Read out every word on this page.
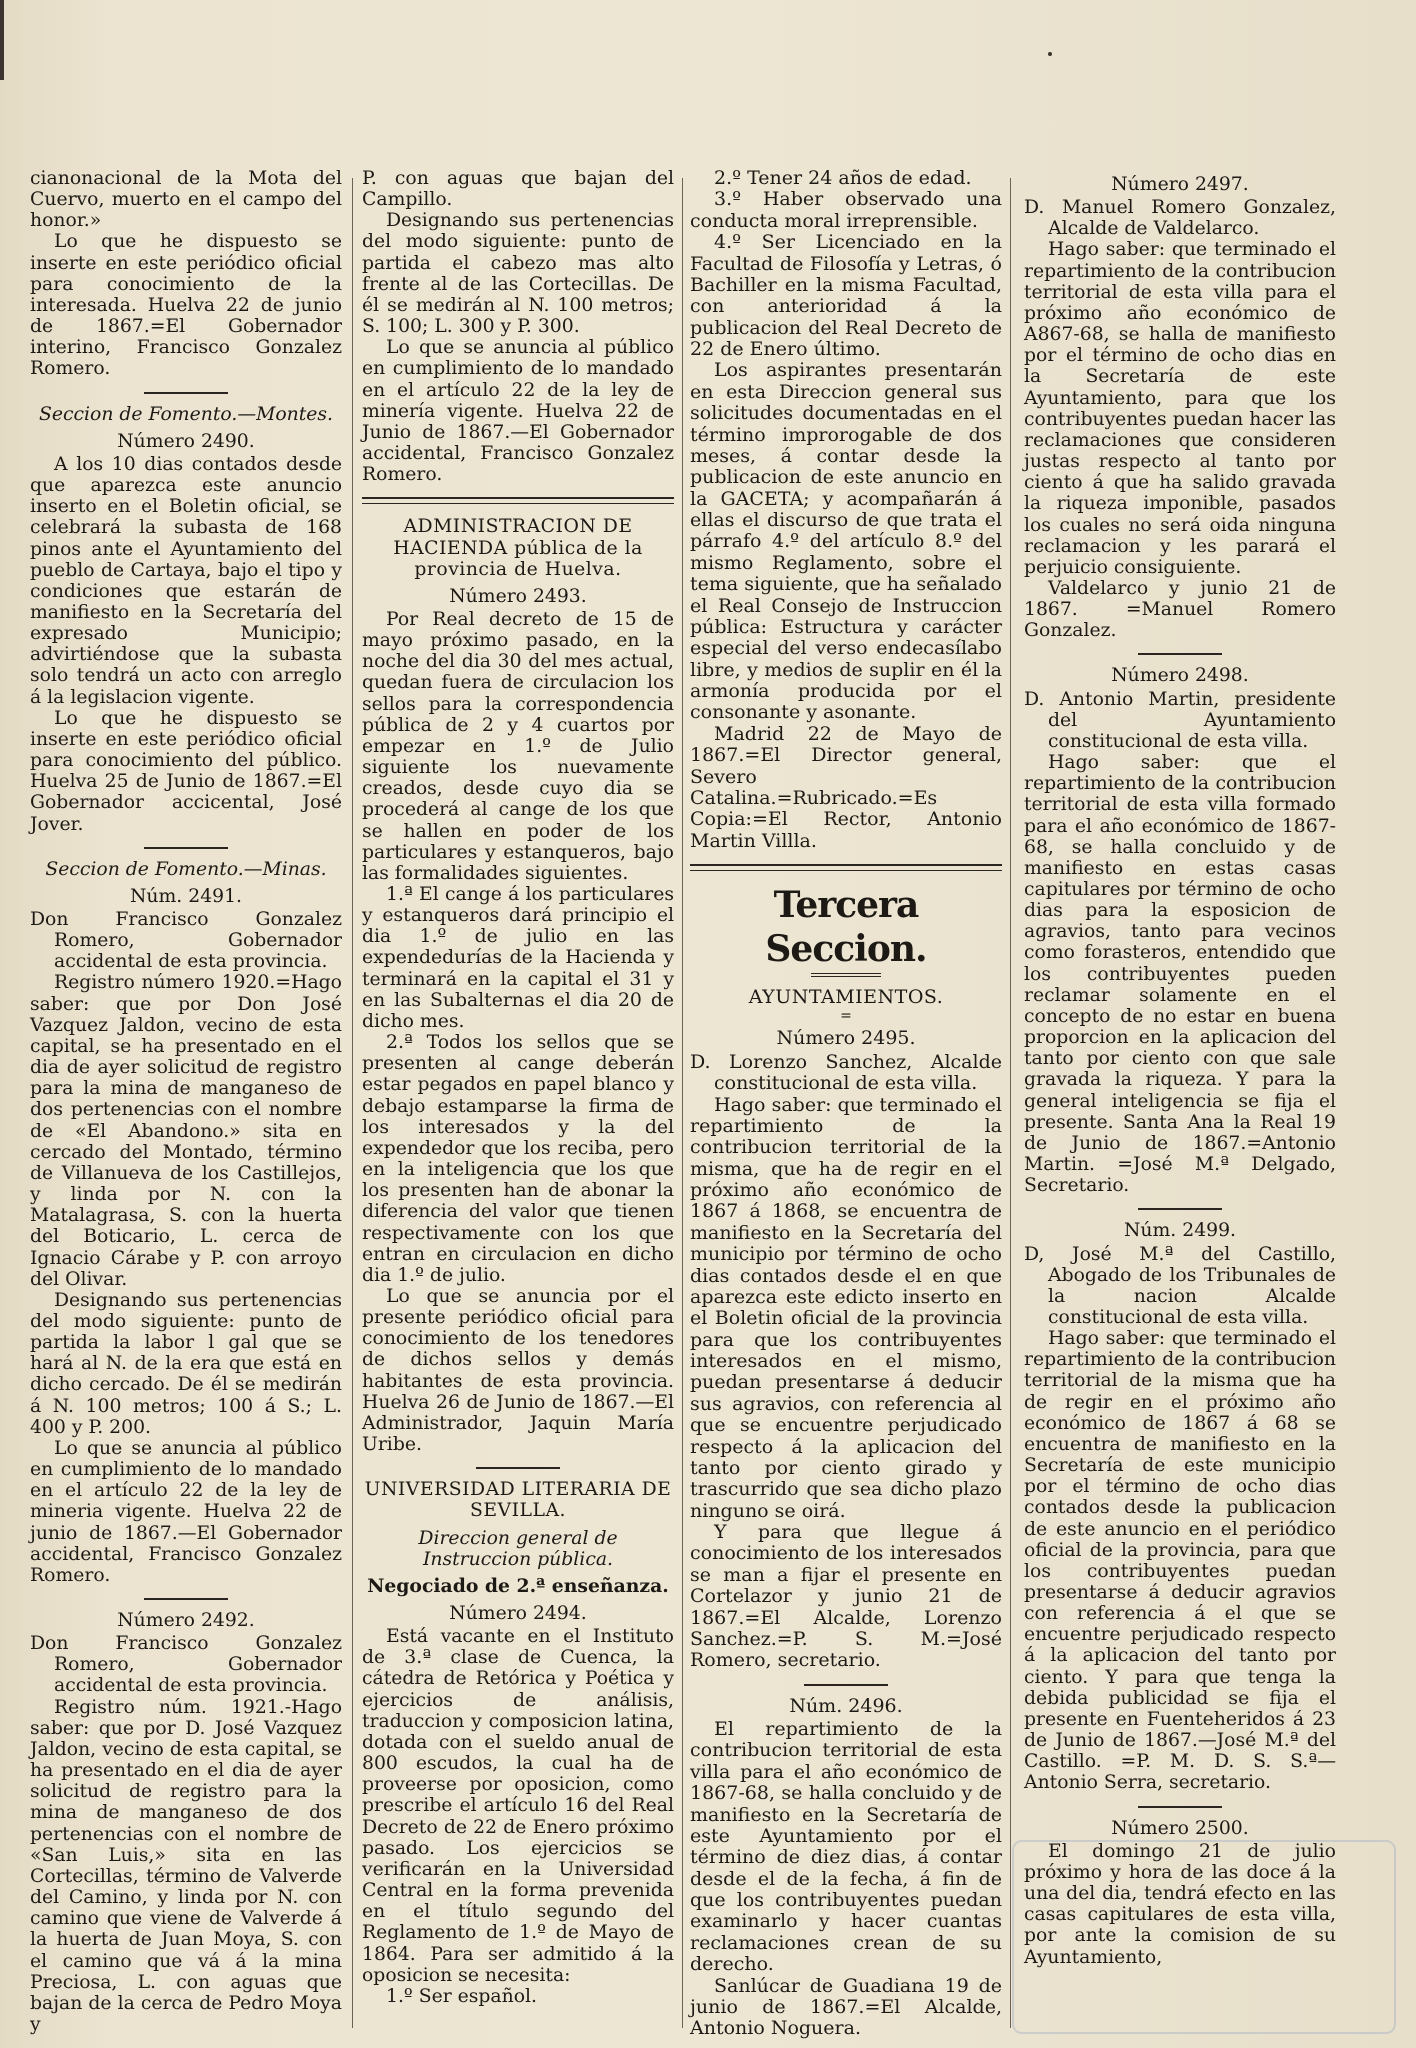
cianonacional de la Mota del Cuervo, muerto en el campo del honor.»

Lo que he dispuesto se inserte en este periódico oficial para conocimiento de la interesada. Huelva 22 de junio de 1867.=El Gobernador interino, Francisco Gonzalez Romero.

Seccion de Fomento.—Montes.

Número 2490.

A los 10 dias contados desde que aparezca este anuncio inserto en el Boletin oficial, se celebrará la subasta de 168 pinos ante el Ayuntamiento del pueblo de Cartaya, bajo el tipo y condiciones que estarán de manifiesto en la Secretaría del expresado Municipio; advirtiéndose que la subasta solo tendrá un acto con arreglo á la legislacion vigente.

Lo que he dispuesto se inserte en este periódico oficial para conocimiento del público. Huelva 25 de Junio de 1867.=El Gobernador accicental, José Jover.

Seccion de Fomento.—Minas.

Núm. 2491.

Don Francisco Gonzalez Romero, Gobernador accidental de esta provincia.

Registro número 1920.=Hago saber: que por Don José Vazquez Jaldon, vecino de esta capital, se ha presentado en el dia de ayer solicitud de registro para la mina de manganeso de dos pertenencias con el nombre de «El Abandono.» sita en cercado del Montado, término de Villanueva de los Castillejos, y linda por N. con la Matalagrasa, S. con la huerta del Boticario, L. cerca de Ignacio Cárabe y P. con arroyo del Olivar.

Designando sus pertenencias del modo siguiente: punto de partida la labor l gal que se hará al N. de la era que está en dicho cercado. De él se medirán á N. 100 metros; 100 á S.; L. 400 y P. 200.

Lo que se anuncia al público en cumplimiento de lo mandado en el artículo 22 de la ley de mineria vigente. Huelva 22 de junio de 1867.—El Gobernador accidental, Francisco Gonzalez Romero.

Número 2492.

Don Francisco Gonzalez Romero, Gobernador accidental de esta provincia.

Registro núm. 1921.-Hago saber: que por D. José Vazquez Jaldon, vecino de esta capital, se ha presentado en el dia de ayer solicitud de registro para la mina de manganeso de dos pertenencias con el nombre de «San Luis,» sita en las Cortecillas, término de Valverde del Camino, y linda por N. con camino que viene de Valverde á la huerta de Juan Moya, S. con el camino que vá á la mina Preciosa, L. con aguas que bajan de la cerca de Pedro Moya y

P. con aguas que bajan del Campillo.

Designando sus pertenencias del modo siguiente: punto de partida el cabezo mas alto frente al de las Cortecillas. De él se medirán al N. 100 metros; S. 100; L. 300 y P. 300.

Lo que se anuncia al público en cumplimiento de lo mandado en el artículo 22 de la ley de minería vigente. Huelva 22 de Junio de 1867.—El Gobernador accidental, Francisco Gonzalez Romero.

ADMINISTRACION DE HACIENDA pública de la provincia de Huelva.

Número 2493.

Por Real decreto de 15 de mayo próximo pasado, en la noche del dia 30 del mes actual, quedan fuera de circulacion los sellos para la correspondencia pública de 2 y 4 cuartos por empezar en 1.º de Julio siguiente los nuevamente creados, desde cuyo dia se procederá al cange de los que se hallen en poder de los particulares y estanqueros, bajo las formalidades siguientes.

1.ª El cange á los particulares y estanqueros dará principio el dia 1.º de julio en las expendedurías de la Hacienda y terminará en la capital el 31 y en las Subalternas el dia 20 de dicho mes.

2.ª Todos los sellos que se presenten al cange deberán estar pegados en papel blanco y debajo estamparse la firma de los interesados y la del expendedor que los reciba, pero en la inteligencia que los que los presenten han de abonar la diferencia del valor que tienen respectivamente con los que entran en circulacion en dicho dia 1.º de julio.

Lo que se anuncia por el presente periódico oficial para conocimiento de los tenedores de dichos sellos y demás habitantes de esta provincia. Huelva 26 de Junio de 1867.—El Administrador, Jaquin María Uribe.

UNIVERSIDAD LITERARIA DE SEVILLA.

Direccion general de Instruccion pública.

Negociado de 2.ª enseñanza.

Número 2494.

Está vacante en el Instituto de 3.ª clase de Cuenca, la cátedra de Retórica y Poética y ejercicios de análisis, traduccion y composicion latina, dotada con el sueldo anual de 800 escudos, la cual ha de proveerse por oposicion, como prescribe el artículo 16 del Real Decreto de 22 de Enero próximo pasado. Los ejercicios se verificarán en la Universidad Central en la forma prevenida en el título segundo del Reglamento de 1.º de Mayo de 1864. Para ser admitido á la oposicion se necesita:

1.º Ser español.

2.º Tener 24 años de edad.

3.º Haber observado una conducta moral irreprensible.

4.º Ser Licenciado en la Facultad de Filosofía y Letras, ó Bachiller en la misma Facultad, con anterioridad á la publicacion del Real Decreto de 22 de Enero último.

Los aspirantes presentarán en esta Direccion general sus solicitudes documentadas en el término improrogable de dos meses, á contar desde la publicacion de este anuncio en la GACETA; y acompañarán á ellas el discurso de que trata el párrafo 4.º del artículo 8.º del mismo Reglamento, sobre el tema siguiente, que ha señalado el Real Consejo de Instruccion pública: Estructura y carácter especial del verso endecasílabo libre, y medios de suplir en él la armonía producida por el consonante y asonante.

Madrid 22 de Mayo de 1867.=El Director general, Severo Catalina.=Rubricado.=Es Copia:=El Rector, Antonio Martin Villla.

Tercera Seccion.

AYUNTAMIENTOS.

=

Número 2495.

D. Lorenzo Sanchez, Alcalde constitucional de esta villa.

Hago saber: que terminado el repartimiento de la contribucion territorial de la misma, que ha de regir en el próximo año económico de 1867 á 1868, se encuentra de manifiesto en la Secretaría del municipio por término de ocho dias contados desde el en que aparezca este edicto inserto en el Boletin oficial de la provincia para que los contribuyentes interesados en el mismo, puedan presentarse á deducir sus agravios, con referencia al que se encuentre perjudicado respecto á la aplicacion del tanto por ciento girado y trascurrido que sea dicho plazo ninguno se oirá.

Y para que llegue á conocimiento de los interesados se man a fijar el presente en Cortelazor y junio 21 de 1867.=El Alcalde, Lorenzo Sanchez.=P. S. M.=José Romero, secretario.

Núm. 2496.

El repartimiento de la contribucion territorial de esta villa para el año económico de 1867-68, se halla concluido y de manifiesto en la Secretaría de este Ayuntamiento por el término de diez dias, á contar desde el de la fecha, á fin de que los contribuyentes puedan examinarlo y hacer cuantas reclamaciones crean de su derecho.

Sanlúcar de Guadiana 19 de junio de 1867.=El Alcalde, Antonio Noguera.

Número 2497.

D. Manuel Romero Gonzalez, Alcalde de Valdelarco.

Hago saber: que terminado el repartimiento de la contribucion territorial de esta villa para el próximo año económico de A867-68, se halla de manifiesto por el término de ocho dias en la Secretaría de este Ayuntamiento, para que los contribuyentes puedan hacer las reclamaciones que consideren justas respecto al tanto por ciento á que ha salido gravada la riqueza imponible, pasados los cuales no será oida ninguna reclamacion y les parará el perjuicio consiguiente.

Valdelarco y junio 21 de 1867. =Manuel Romero Gonzalez.

Número 2498.

D. Antonio Martin, presidente del Ayuntamiento constitucional de esta villa.

Hago saber: que el repartimiento de la contribucion territorial de esta villa formado para el año económico de 1867-68, se halla concluido y de manifiesto en estas casas capitulares por término de ocho dias para la esposicion de agravios, tanto para vecinos como forasteros, entendido que los contribuyentes pueden reclamar solamente en el concepto de no estar en buena proporcion en la aplicacion del tanto por ciento con que sale gravada la riqueza. Y para la general inteligencia se fija el presente. Santa Ana la Real 19 de Junio de 1867.=Antonio Martin. =José M.ª Delgado, Secretario.

Núm. 2499.

D, José M.ª del Castillo, Abogado de los Tribunales de la nacion Alcalde constitucional de esta villa.

Hago saber: que terminado el repartimiento de la contribucion territorial de la misma que ha de regir en el próximo año económico de 1867 á 68 se encuentra de manifiesto en la Secretaría de este municipio por el término de ocho dias contados desde la publicacion de este anuncio en el periódico oficial de la provincia, para que los contribuyentes puedan presentarse á deducir agravios con referencia á el que se encuentre perjudicado respecto á la aplicacion del tanto por ciento. Y para que tenga la debida publicidad se fija el presente en Fuenteheridos á 23 de Junio de 1867.—José M.ª del Castillo. =P. M. D. S. S.ª—Antonio Serra, secretario.

Número 2500.

El domingo 21 de julio próximo y hora de las doce á la una del dia, tendrá efecto en las casas capitulares de esta villa, por ante la comision de su Ayuntamiento,
